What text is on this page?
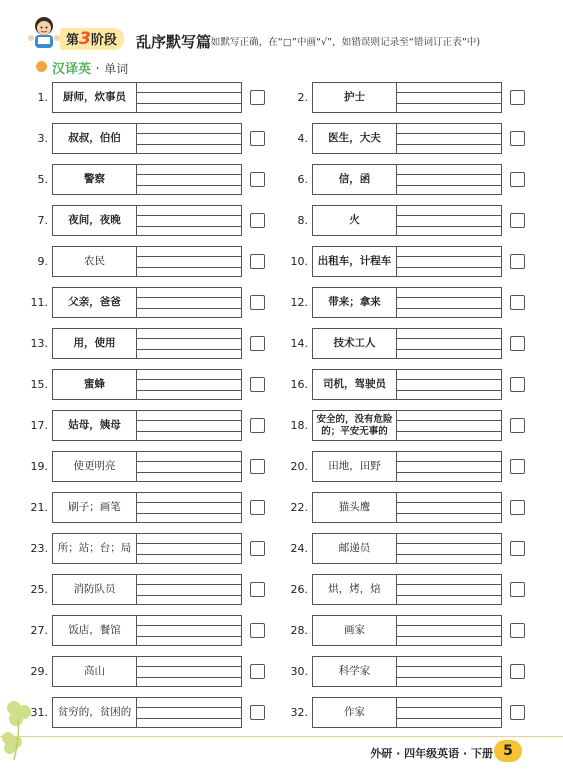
第3阶段	乱序默写篇
(如默写正确，在“□”中画“√”，如错误则记录至“错词订正表”中)
汉译英 · 单词
1.	厨师，炊事员
3.	叔叔，伯伯
5.	警察
7.	夜间，夜晚
9.	农民
11.	父亲，爸爸
13.	用，使用
15.	蜜蜂
17.	姑母，姨母
19.	使更明亮
21.	刷子；画笔
23. 所；站；台；局
25.	消防队员
27.	饭店，餐馆
29.	高山
31. 贫穷的，贫困的
2.	护士
4.	医生，大夫
6.	信，函
8.	火
10. 出租车，计程车
12.	带来；拿来
14.	技术工人
16.	司机，驾驶员
18. 安全的，没有危险的；平安无事的
20.	田地，田野
22.	猫头鹰
24.	邮递员
26.	烘，烤，焙
28.	画家
30.	科学家
32.	作家
外研 · 四年级英语 · 下册 5
